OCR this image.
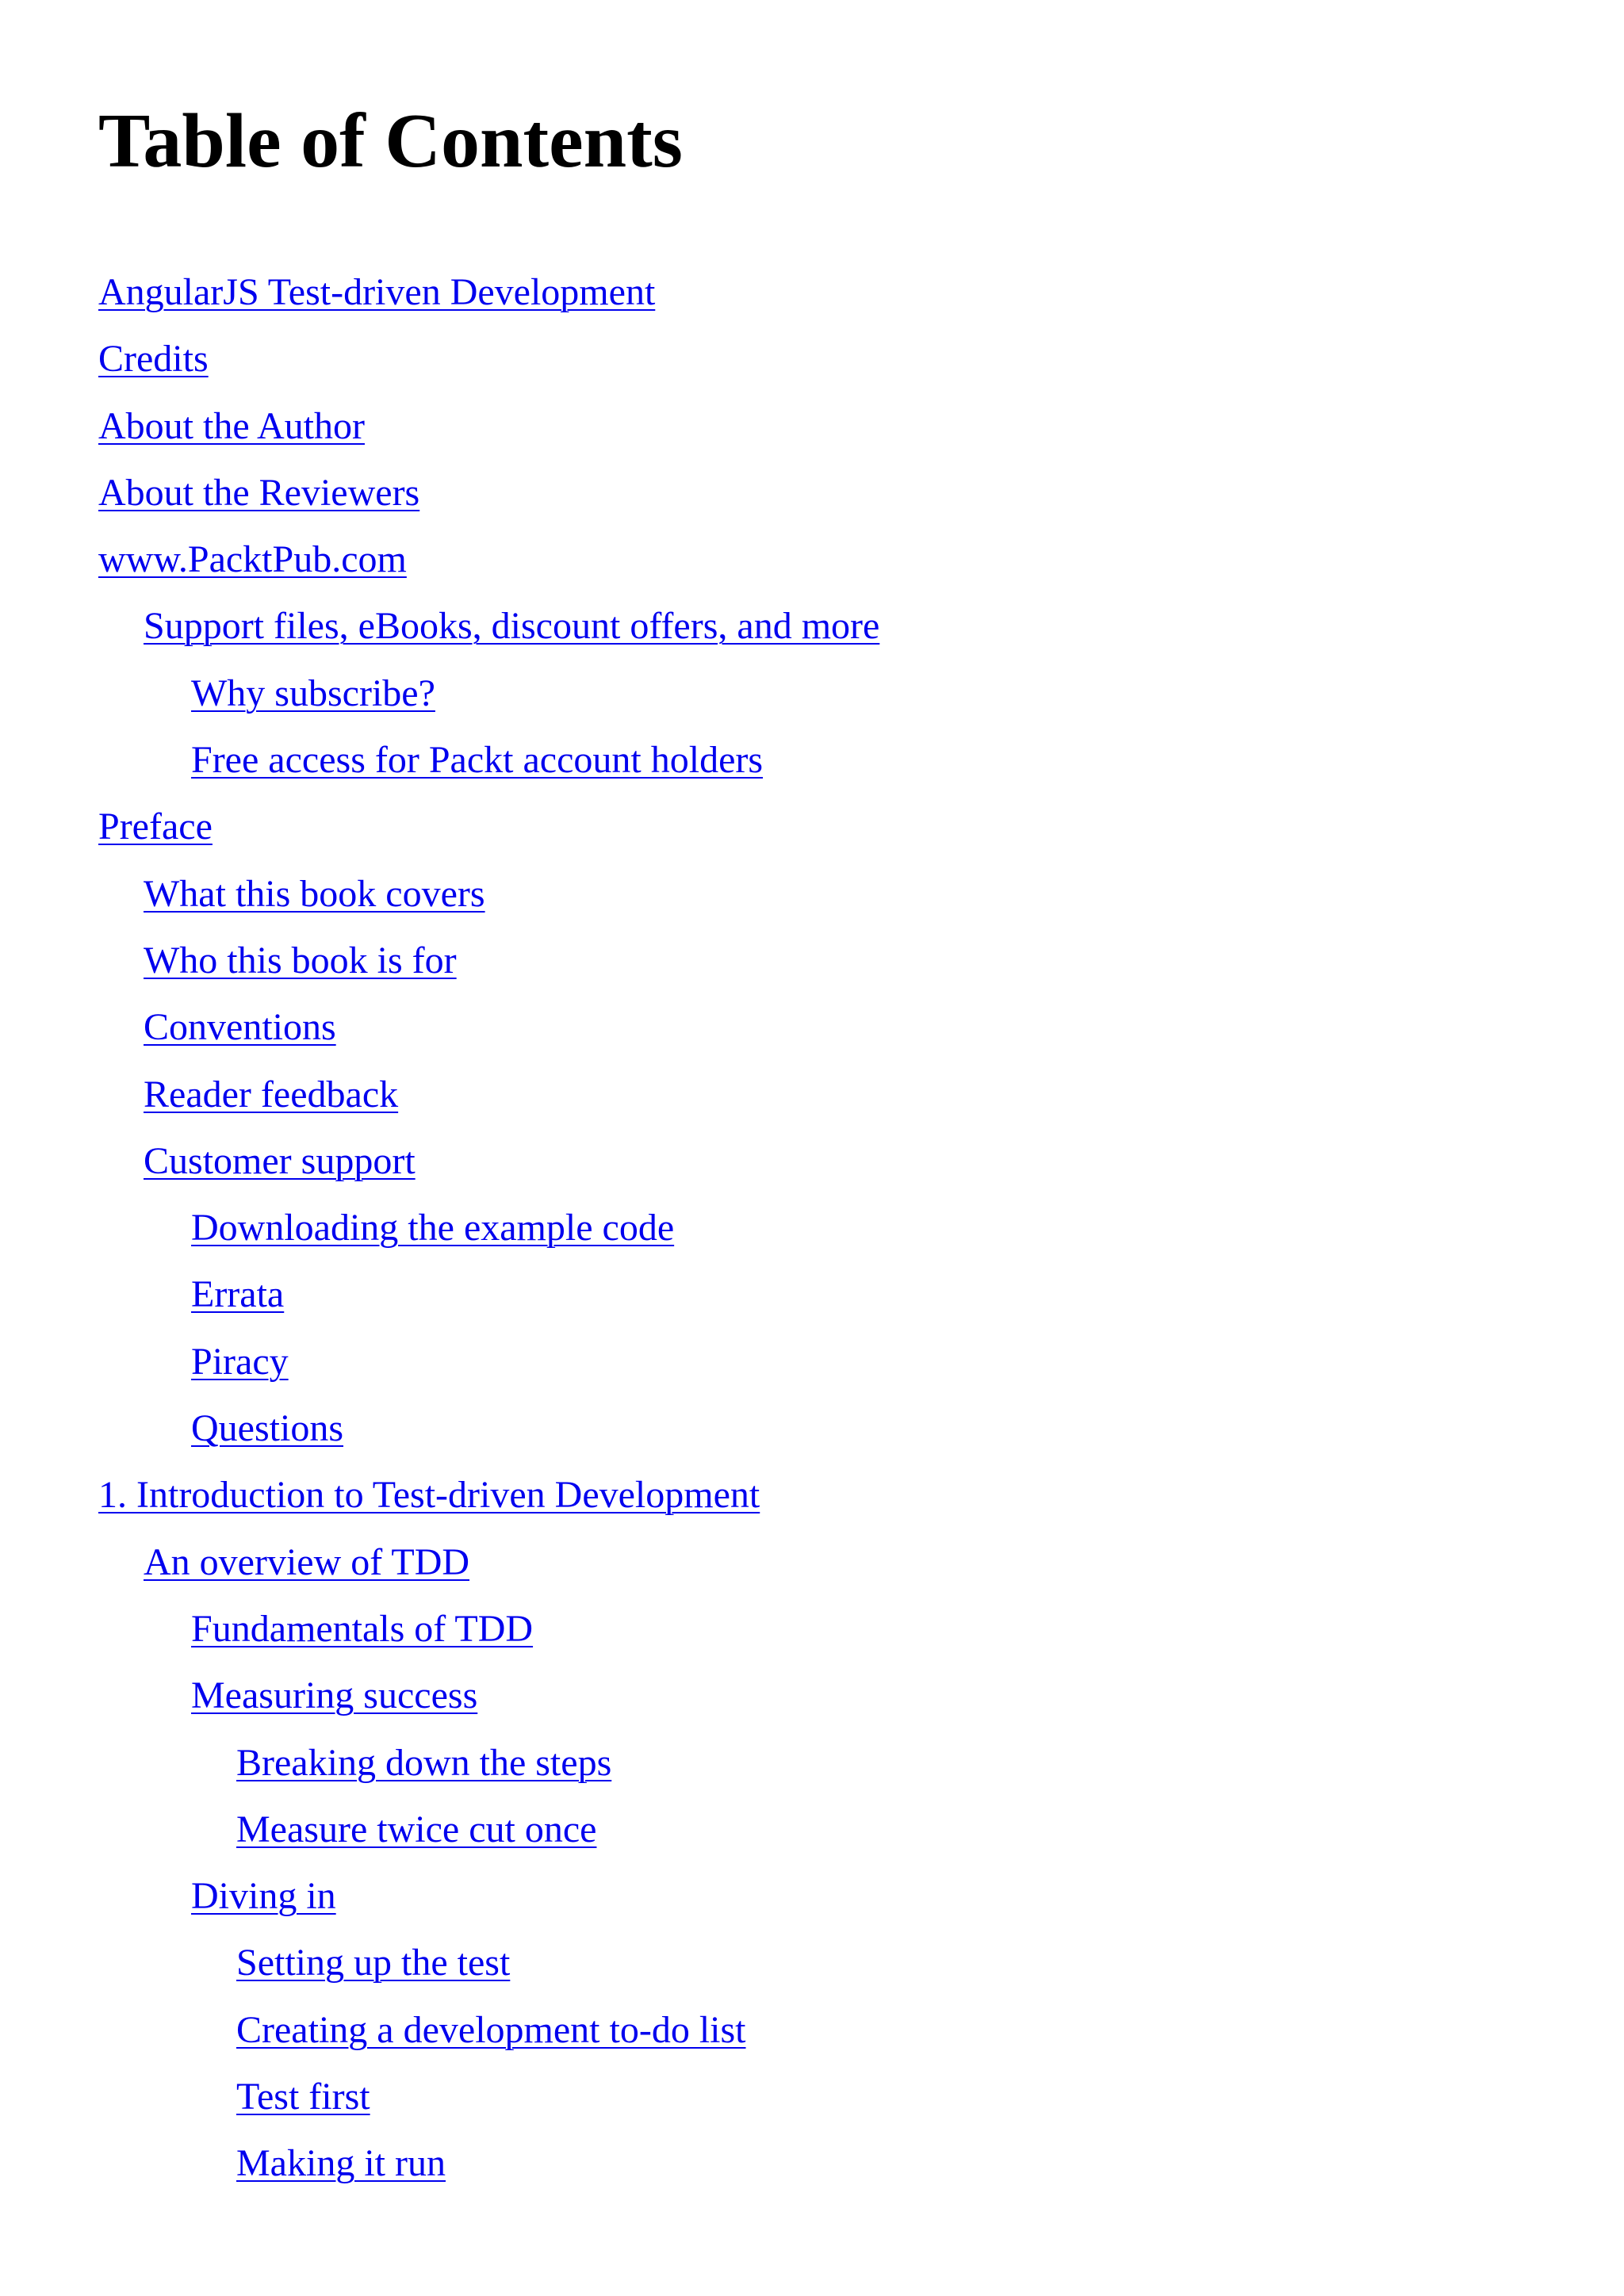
Table of Contents
AngularJS Test-driven Development
Credits
About the Author
About the Reviewers
www.PacktPub.com
Support files, eBooks, discount offers, and more
Why subscribe?
Free access for Packt account holders
Preface
What this book covers
Who this book is for
Conventions
Reader feedback
Customer support
Downloading the example code
Errata
Piracy
Questions
1. Introduction to Test-driven Development
An overview of TDD
Fundamentals of TDD
Measuring success
Breaking down the steps
Measure twice cut once
Diving in
Setting up the test
Creating a development to-do list
Test first
Making it run
